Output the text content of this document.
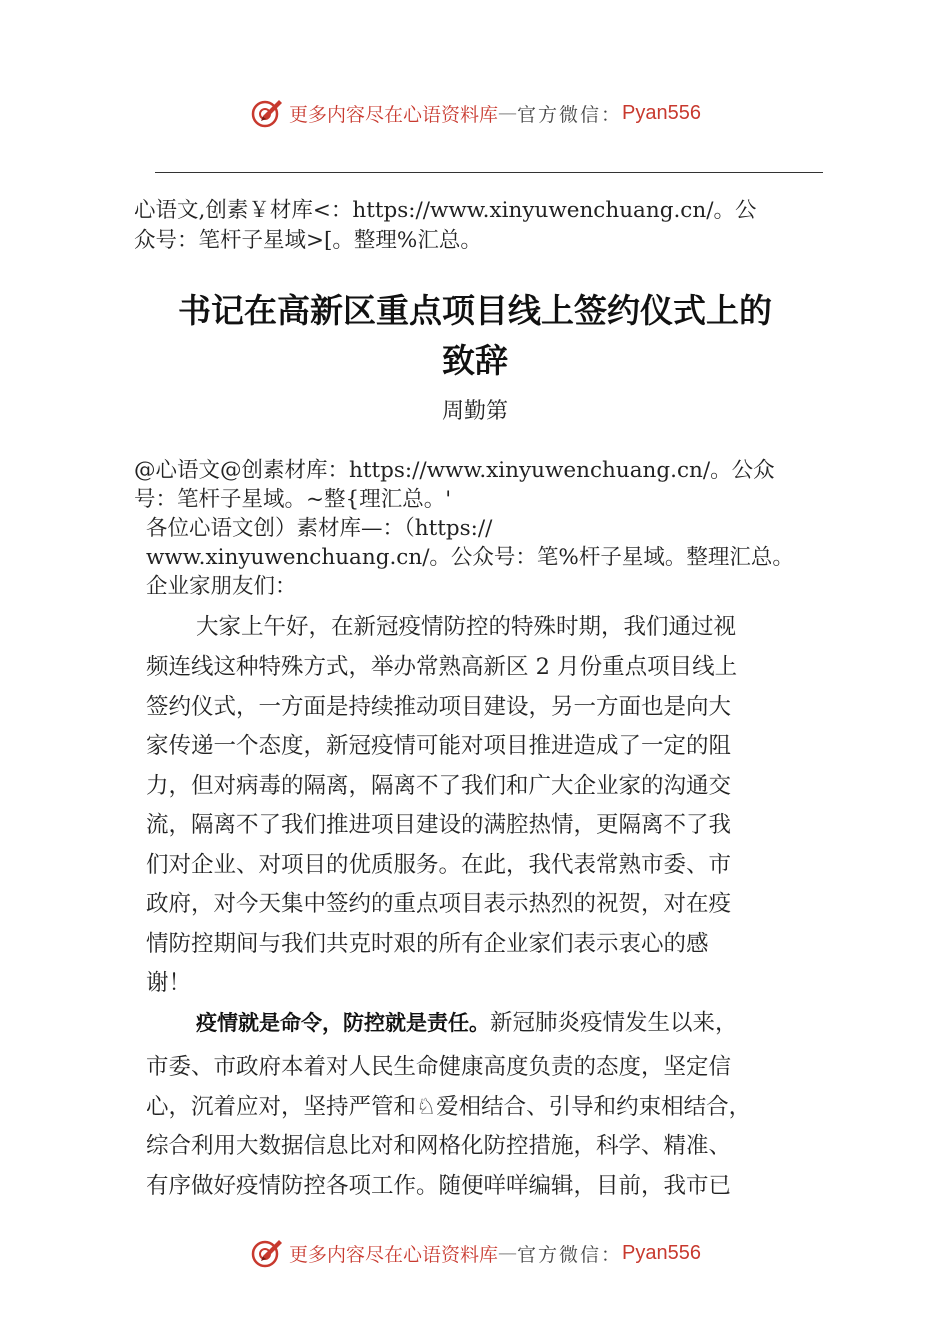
更多内容尽在心语资料库 — 官方微信： Pyan556
心语文,创素￥材库<：https://www.xinyuwenchuang.cn/。公
众号：笔杆子星域>[。整理%汇总。
书记在高新区重点项目线上签约仪式上的
致辞
周勤第
@心语文@创素材库：https://www.xinyuwenchuang.cn/。公众
号：笔杆子星域。~整{理汇总。'
各位心语文创）素材库—：（https://
www.xinyuwenchuang.cn/。公众号：笔%杆子星域。整理汇总。
企业家朋友们：
大家上午好，在新冠疫情防控的特殊时期，我们通过视
频连线这种特殊方式，举办常熟高新区 2 月份重点项目线上
签约仪式，一方面是持续推动项目建设，另一方面也是向大
家传递一个态度，新冠疫情可能对项目推进造成了一定的阻
力，但对病毒的隔离，隔离不了我们和广大企业家的沟通交
流，隔离不了我们推进项目建设的满腔热情，更隔离不了我
们对企业、对项目的优质服务。在此，我代表常熟市委、市
政府，对今天集中签约的重点项目表示热烈的祝贺，对在疫
情防控期间与我们共克时艰的所有企业家们表示衷心的感
谢！
疫情就是命令，防控就是责任。新冠肺炎疫情发生以来，
市委、市政府本着对人民生命健康高度负责的态度，坚定信
心，沉着应对，坚持严管和♘爱相结合、引导和约束相结合，
综合利用大数据信息比对和网格化防控措施，科学、精准、
有序做好疫情防控各项工作。随便咩咩编辑，目前，我市已
更多内容尽在心语资料库 — 官方微信： Pyan556
